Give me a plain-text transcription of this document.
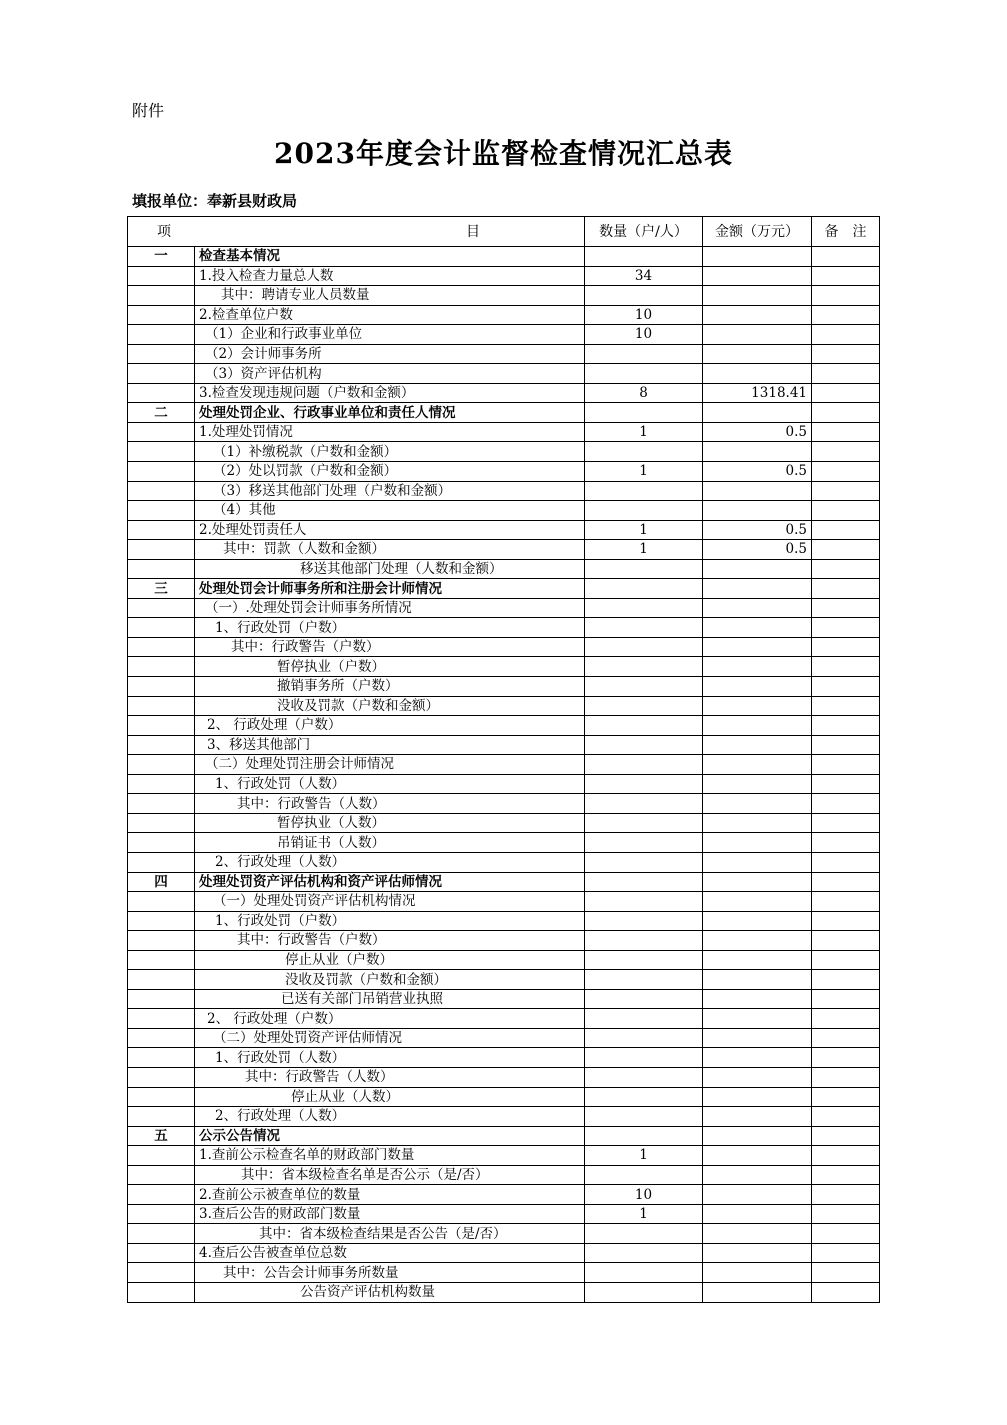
附件
2023年度会计监督检查情况汇总表
填报单位：奉新县财政局
项 目		数量（户/人）	金额（万元）	备　注
一	检查基本情况			
	1.投入检查力量总人数	34		
	其中：聘请专业人员数量			
	2.检查单位户数	10		
	（1）企业和行政事业单位	10		
	（2）会计师事务所			
	（3）资产评估机构			
	3.检查发现违规问题（户数和金额）	8	1318.41	
二	处理处罚企业、行政事业单位和责任人情况			
	1.处理处罚情况	1	0.5	
	（1）补缴税款（户数和金额）			
	（2）处以罚款（户数和金额）	1	0.5	
	（3）移送其他部门处理（户数和金额）			
	（4）其他			
	2.处理处罚责任人	1	0.5	
	其中：罚款（人数和金额）	1	0.5	
	移送其他部门处理（人数和金额）			
三	处理处罚会计师事务所和注册会计师情况			
	（一）.处理处罚会计师事务所情况			
	1、行政处罚（户数）			
	其中：行政警告（户数）			
	暂停执业（户数）			
	撤销事务所（户数）			
	没收及罚款（户数和金额）			
	2、 行政处理（户数）			
	3、移送其他部门			
	（二）处理处罚注册会计师情况			
	1、行政处罚（人数）			
	其中：行政警告（人数）			
	暂停执业（人数）			
	吊销证书（人数）			
	2、行政处理（人数）			
四	处理处罚资产评估机构和资产评估师情况			
	（一）处理处罚资产评估机构情况			
	1、行政处罚（户数）			
	其中：行政警告（户数）			
	停止从业（户数）			
	没收及罚款（户数和金额）			
	已送有关部门吊销营业执照			
	2、 行政处理（户数）			
	（二）处理处罚资产评估师情况			
	1、行政处罚（人数）			
	其中：行政警告（人数）			
	停止从业（人数）			
	2、行政处理（人数）			
五	公示公告情况			
	1.查前公示检查名单的财政部门数量	1		
	其中：省本级检查名单是否公示（是/否）			
	2.查前公示被查单位的数量	10		
	3.查后公告的财政部门数量	1		
	其中：省本级检查结果是否公告（是/否）			
	4.查后公告被查单位总数			
	其中：公告会计师事务所数量			
	公告资产评估机构数量			
